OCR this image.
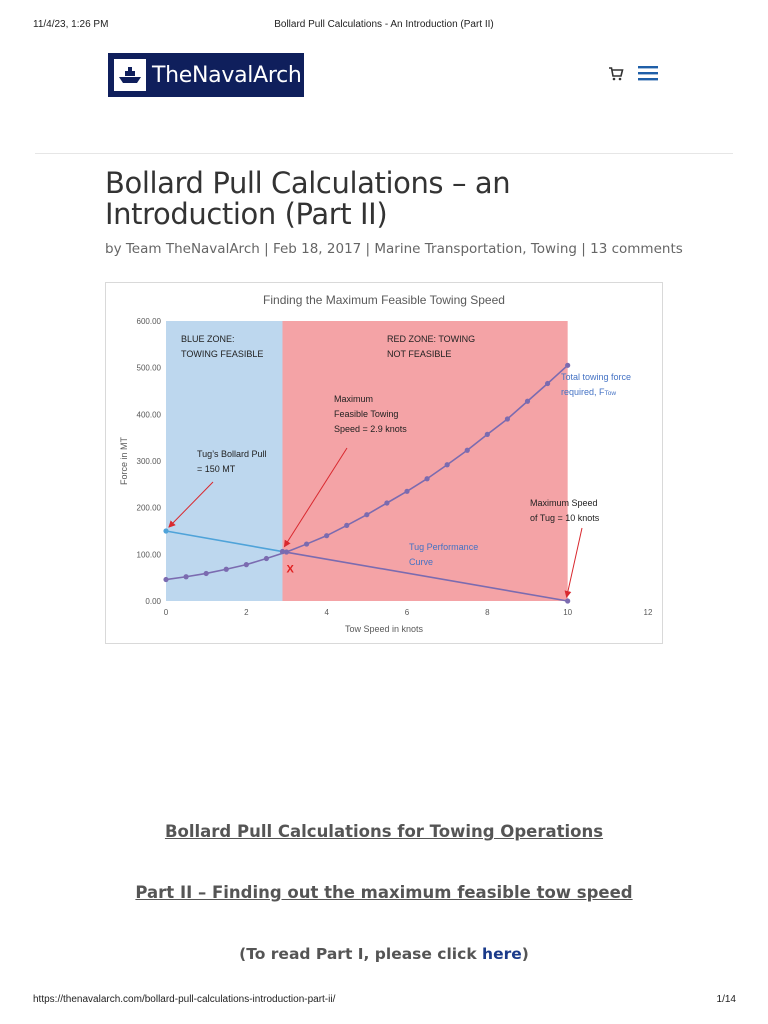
11/4/23, 1:26 PM	Bollard Pull Calculations - An Introduction (Part II)
TheNavalArch
Bollard Pull Calculations – an Introduction (Part II)
by Team TheNavalArch | Feb 18, 2017 | Marine Transportation, Towing | 13 comments
Finding the Maximum Feasible Towing Speed
0.00
100.00
200.00
300.00
400.00
500.00
600.00
0	2	4	6	8	10	12
Tow Speed in knots
Force in MT
BLUE ZONE:
TOWING FEASIBLE
RED ZONE: TOWING
NOT FEASIBLE
Maximum
Feasible Towing
Speed = 2.9 knots
Tug’s Bollard Pull
= 150 MT
Maximum Speed
of Tug = 10 knots
Tug Performance
Curve
Total towing force
required, FTow
X
Bollard Pull Calculations for Towing Operations
Part II – Finding out the maximum feasible tow speed
(To read Part I, please click here)
https://thenavalarch.com/bollard-pull-calculations-introduction-part-ii/	1/14
